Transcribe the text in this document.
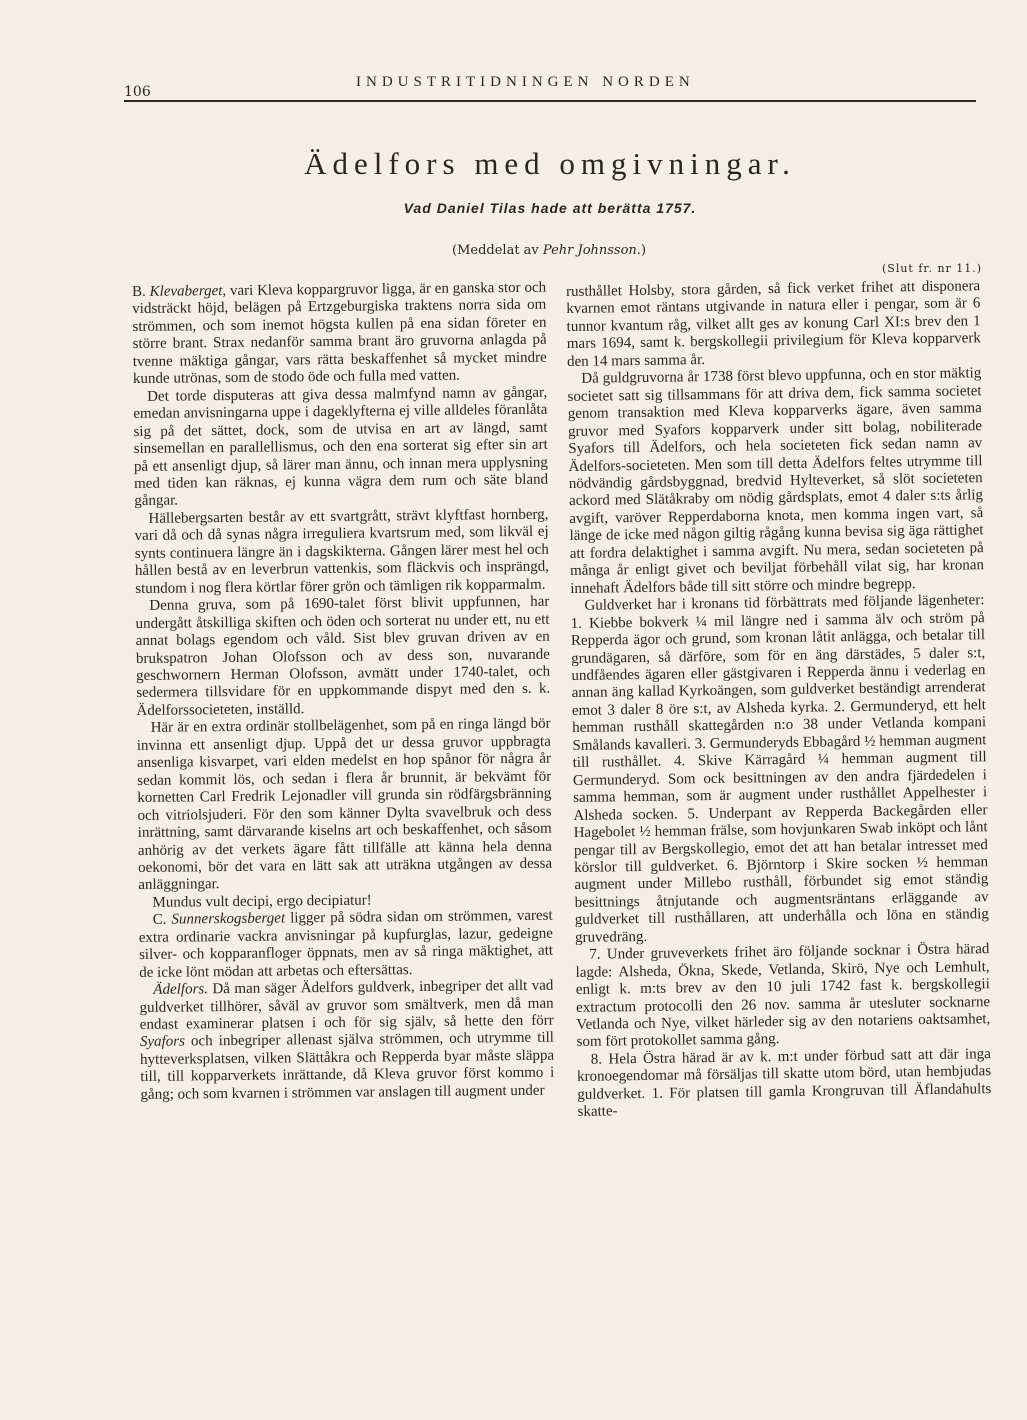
106
INDUSTRITIDNINGEN NORDEN
Ädelfors med omgivningar.
Vad Daniel Tilas hade att berätta 1757.
(Meddelat av Pehr Johnsson.)
(Slut fr. nr 11.)

B. Klevaberget, vari Kleva koppargruvor ligga, är en ganska stor och vidsträckt höjd, belägen på Ertzgeburgiska traktens norra sida om strömmen, och som inemot högsta kullen på ena sidan företer en större brant. Strax nedanför samma brant äro gruvorna anlagda på tvenne mäktiga gångar, vars rätta beskaffenhet så mycket mindre kunde utrönas, som de stodo öde och fulla med vatten.

Det torde disputeras att giva dessa malmfynd namn av gångar, emedan anvisningarna uppe i dageklyfterna ej ville alldeles föranlåta sig på det sättet, dock, som de utvisa en art av längd, samt sinsemellan en parallellismus, och den ena sorterat sig efter sin art på ett ansenligt djup, så lärer man ännu, och innan mera upplysning med tiden kan räknas, ej kunna vägra dem rum och säte bland gångar.

Hällebergsarten består av ett svartgrått, strävt klyftfast hornberg, vari då och då synas några irreguliera kvartsrum med, som likväl ej synts continuera längre än i dagskikterna. Gången lärer mest hel och hållen bestå av en leverbrun vattenkis, som fläckvis och insprängd, stundom i nog flera körtlar förer grön och tämligen rik kopparmalm.

Denna gruva, som på 1690-talet först blivit uppfunnen, har undergått åtskilliga skiften och öden och sorterat nu under ett, nu ett annat bolags egendom och våld. Sist blev gruvan driven av en brukspatron Johan Olofsson och av dess son, nuvarande geschwornern Herman Olofsson, avmätt under 1740-talet, och sedermera tillsvidare för en uppkommande dispyt med den s. k. Ädelforssocieteten, inställd.

Här är en extra ordinär stollbelägenhet, som på en ringa längd bör invinna ett ansenligt djup. Uppå det ur dessa gruvor uppbragta ansenliga kisvarpet, vari elden medelst en hop spånor för några år sedan kommit lös, och sedan i flera år brunnit, är bekvämt för kornetten Carl Fredrik Lejonadler vill grunda sin rödfärgsbränning och vitriolsjuderi. För den som känner Dylta svavelbruk och dess inrättning, samt därvarande kiselns art och beskaffenhet, och såsom anhörig av det verkets ägare fått tillfälle att känna hela denna oekonomi, bör det vara en lätt sak att uträkna utgången av dessa anläggningar.

Mundus vult decipi, ergo decipiatur!

C. Sunnerskogsberget ligger på södra sidan om strömmen, varest extra ordinarie vackra anvisningar på kupfurglas, lazur, gedeigne silver- och kopparanfloger öppnats, men av så ringa mäktighet, att de icke lönt mödan att arbetas och eftersättas.

Ädelfors. Då man säger Ädelfors guldverk, inbegriper det allt vad guldverket tillhörer, såväl av gruvor som smältverk, men då man endast examinerar platsen i och för sig själv, så hette den förr Syafors och inbegriper allenast själva strömmen, och utrymme till hytteverksplatsen, vilken Slättåkra och Repperda byar måste släppa till, till kopparverkets inrättande, då Kleva gruvor först kommo i gång; och som kvarnen i strömmen var anslagen till augment under

rusthållet Holsby, stora gården, så fick verket frihet att disponera kvarnen emot räntans utgivande in natura eller i pengar, som är 6 tunnor kvantum råg, vilket allt ges av konung Carl XI:s brev den 1 mars 1694, samt k. bergskollegii privilegium för Kleva kopparverk den 14 mars samma år.

Då guldgruvorna år 1738 först blevo uppfunna, och en stor mäktig societet satt sig tillsammans för att driva dem, fick samma societet genom transaktion med Kleva kopparverks ägare, även samma gruvor med Syafors kopparverk under sitt bolag, nobiliterade Syafors till Ädelfors, och hela societeten fick sedan namn av Ädelfors-societeten. Men som till detta Ädelfors feltes utrymme till nödvändig gårdsbyggnad, bredvid Hylteverket, så slöt societeten ackord med Slätåkraby om nödig gårdsplats, emot 4 daler s:ts årlig avgift, varöver Repperdaborna knota, men komma ingen vart, så länge de icke med någon giltig rågång kunna bevisa sig äga rättighet att fordra delaktighet i samma avgift. Nu mera, sedan societeten på många år enligt givet och beviljat förbehåll vilat sig, har kronan innehaft Ädelfors både till sitt större och mindre begrepp.

Guldverket har i kronans tid förbättrats med följande lägenheter: 1. Kiebbe bokverk ¼ mil längre ned i samma älv och ström på Repperda ägor och grund, som kronan låtit anlägga, och betalar till grundägaren, så därföre, som för en äng därstädes, 5 daler s:t, undfåendes ägaren eller gästgivaren i Repperda ännu i vederlag en annan äng kallad Kyrkoängen, som guldverket beständigt arrenderat emot 3 daler 8 öre s:t, av Alsheda kyrka. 2. Germunderyd, ett helt hemman rusthåll skattegården n:o 38 under Vetlanda kompani Smålands kavalleri. 3. Germunderyds Ebbagård ½ hemman augment till rusthållet. 4. Skive Kärragård ¼ hemman augment till Germunderyd. Som ock besittningen av den andra fjärdedelen i samma hemman, som är augment under rusthållet Appelhester i Alsheda socken. 5. Underpant av Repperda Backegården eller Hagebolet ½ hemman frälse, som hovjunkaren Swab inköpt och lånt pengar till av Bergskollegio, emot det att han betalar intresset med körslor till guldverket. 6. Björntorp i Skire socken ½ hemman augment under Millebo rusthåll, förbundet sig emot ständig besittnings åtnjutande och augmentsräntans erläggande av guldverket till rusthållaren, att underhålla och löna en ständig gruvedräng.

7. Under gruveverkets frihet äro följande socknar i Östra härad lagde: Alsheda, Ökna, Skede, Vetlanda, Skirö, Nye och Lemhult, enligt k. m:ts brev av den 10 juli 1742 fast k. bergskollegii extractum protocolli den 26 nov. samma år utesluter socknarne Vetlanda och Nye, vilket härleder sig av den notariens oaktsamhet, som fört protokollet samma gång.

8. Hela Östra härad är av k. m:t under förbud satt att där inga kronoegendomar må försäljas till skatte utom börd, utan hembjudas guldverket. 1. För platsen till gamla Krongruvan till Äflandahults skatte-
